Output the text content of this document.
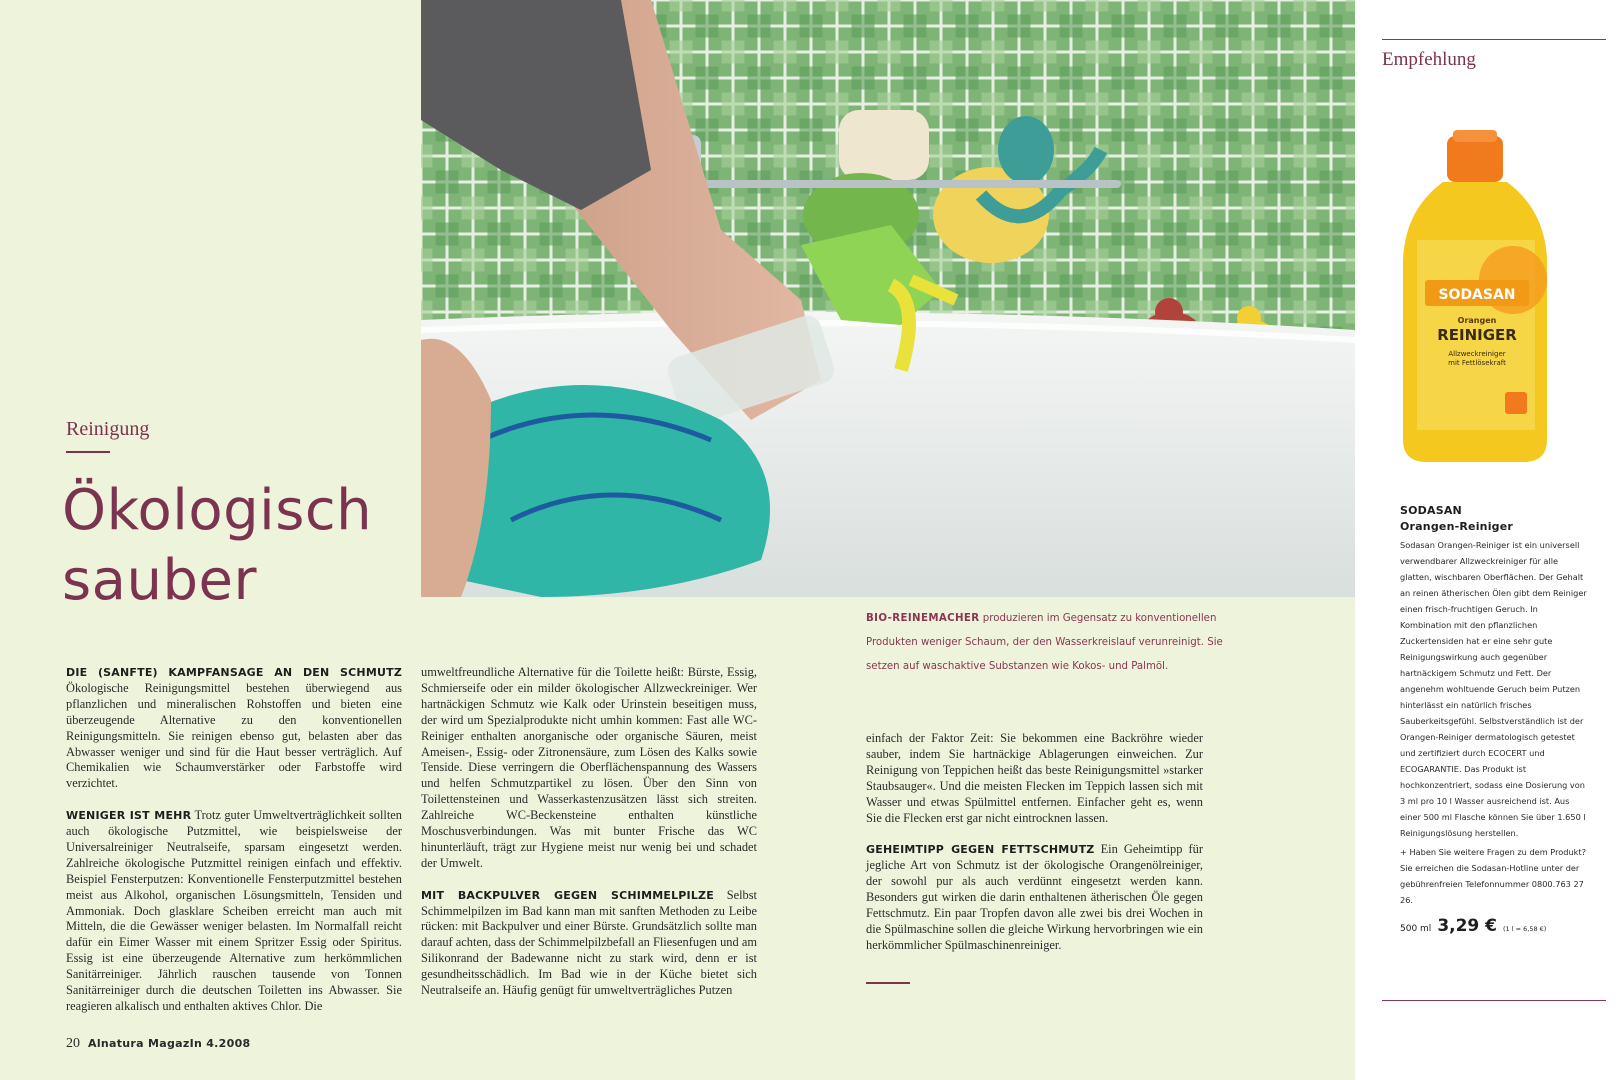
Reinigung
Ökologisch
sauber
BIO-REINEMACHER produzieren im Gegensatz zu konventionellen Produkten weniger Schaum, der den Wasserkreislauf verunreinigt. Sie setzen auf waschaktive Substanzen wie Kokos- und Palmöl.

DIE (SANFTE) KAMPFANSAGE AN DEN SCHMUTZ Ökologische Reinigungsmittel bestehen überwiegend aus pflanzlichen und mineralischen Rohstoffen und bieten eine überzeugende Alternative zu den konventionellen Reinigungsmitteln. Sie reinigen ebenso gut, belasten aber das Abwasser weniger und sind für die Haut besser verträglich. Auf Chemikalien wie Schaumverstärker oder Farbstoffe wird verzichtet.

WENIGER IST MEHR Trotz guter Umweltverträglichkeit sollten auch ökologische Putzmittel, wie beispielsweise der Universalreiniger Neutralseife, sparsam eingesetzt werden. Zahlreiche ökologische Putzmittel reinigen einfach und effektiv. Beispiel Fensterputzen: Konventionelle Fensterputzmittel bestehen meist aus Alkohol, organischen Lösungsmitteln, Tensiden und Ammoniak. Doch glasklare Scheiben erreicht man auch mit Mitteln, die die Gewässer weniger belasten. Im Normalfall reicht dafür ein Eimer Wasser mit einem Spritzer Essig oder Spiritus. Essig ist eine überzeugende Alternative zum herkömmlichen Sanitärreiniger. Jährlich rauschen tausende von Tonnen Sanitärreiniger durch die deutschen Toiletten ins Abwasser. Sie reagieren alkalisch und enthalten aktives Chlor. Die

umweltfreundliche Alternative für die Toilette heißt: Bürste, Essig, Schmierseife oder ein milder ökologischer Allzweckreiniger. Wer hartnäckigen Schmutz wie Kalk oder Urinstein beseitigen muss, der wird um Spezialprodukte nicht umhin kommen: Fast alle WC-Reiniger enthalten anorganische oder organische Säuren, meist Ameisen-, Essig- oder Zitronensäure, zum Lösen des Kalks sowie Tenside. Diese verringern die Oberflächenspannung des Wassers und helfen Schmutzpartikel zu lösen. Über den Sinn von Toilettensteinen und Wasserkastenzusätzen lässt sich streiten. Zahlreiche WC-Beckensteine enthalten künstliche Moschusverbindungen. Was mit bunter Frische das WC hinunterläuft, trägt zur Hygiene meist nur wenig bei und schadet der Umwelt.

MIT BACKPULVER GEGEN SCHIMMELPILZE Selbst Schimmelpilzen im Bad kann man mit sanften Methoden zu Leibe rücken: mit Backpulver und einer Bürste. Grundsätzlich sollte man darauf achten, dass der Schimmelpilzbefall an Fliesenfugen und am Silikonrand der Badewanne nicht zu stark wird, denn er ist gesundheitsschädlich. Im Bad wie in der Küche bietet sich Neutralseife an. Häufig genügt für umweltverträgliches Putzen

einfach der Faktor Zeit: Sie bekommen eine Backröhre wieder sauber, indem Sie hartnäckige Ablagerungen einweichen. Zur Reinigung von Teppichen heißt das beste Reinigungsmittel »starker Staubsauger«. Und die meisten Flecken im Teppich lassen sich mit Wasser und etwas Spülmittel entfernen. Einfacher geht es, wenn Sie die Flecken erst gar nicht eintrocknen lassen.

GEHEIMTIPP GEGEN FETTSCHMUTZ Ein Geheimtipp für jegliche Art von Schmutz ist der ökologische Orangenölreiniger, der sowohl pur als auch verdünnt eingesetzt werden kann. Besonders gut wirken die darin enthaltenen ätherischen Öle gegen Fettschmutz. Ein paar Tropfen davon alle zwei bis drei Wochen in die Spülmaschine sollen die gleiche Wirkung hervorbringen wie ein herkömmlicher Spülmaschinenreiniger.

20 Alnatura MagazIn 4.2008
Empfehlung
SODASAN
Orangen
REINIGER
Allzweckreiniger
mit Fettlösekraft
SODASAN
Orangen-Reiniger
Sodasan Orangen-Reiniger ist ein universell verwendbarer Allzweckreiniger für alle glatten, wischbaren Oberflächen. Der Gehalt an reinen ätherischen Ölen gibt dem Reiniger einen frisch-fruchtigen Geruch. In Kombination mit den pflanzlichen Zuckertensiden hat er eine sehr gute Reinigungswirkung auch gegenüber hartnäckigem Schmutz und Fett. Der angenehm wohltuende Geruch beim Putzen hinterlässt ein natürlich frisches Sauberkeitsgefühl. Selbstverständlich ist der Orangen-Reiniger dermatologisch getestet und zertifiziert durch ECOCERT und ECOGARANTIE. Das Produkt ist hochkonzentriert, sodass eine Dosierung von 3 ml pro 10 l Wasser ausreichend ist. Aus einer 500 ml Flasche können Sie über 1.650 l Reinigungslösung herstellen.
+ Haben Sie weitere Fragen zu dem Produkt? Sie erreichen die Sodasan-Hotline unter der gebührenfreien Telefonnummer 0800.763 27 26.
500 ml 3,29 € (1 l = 6,58 €)
